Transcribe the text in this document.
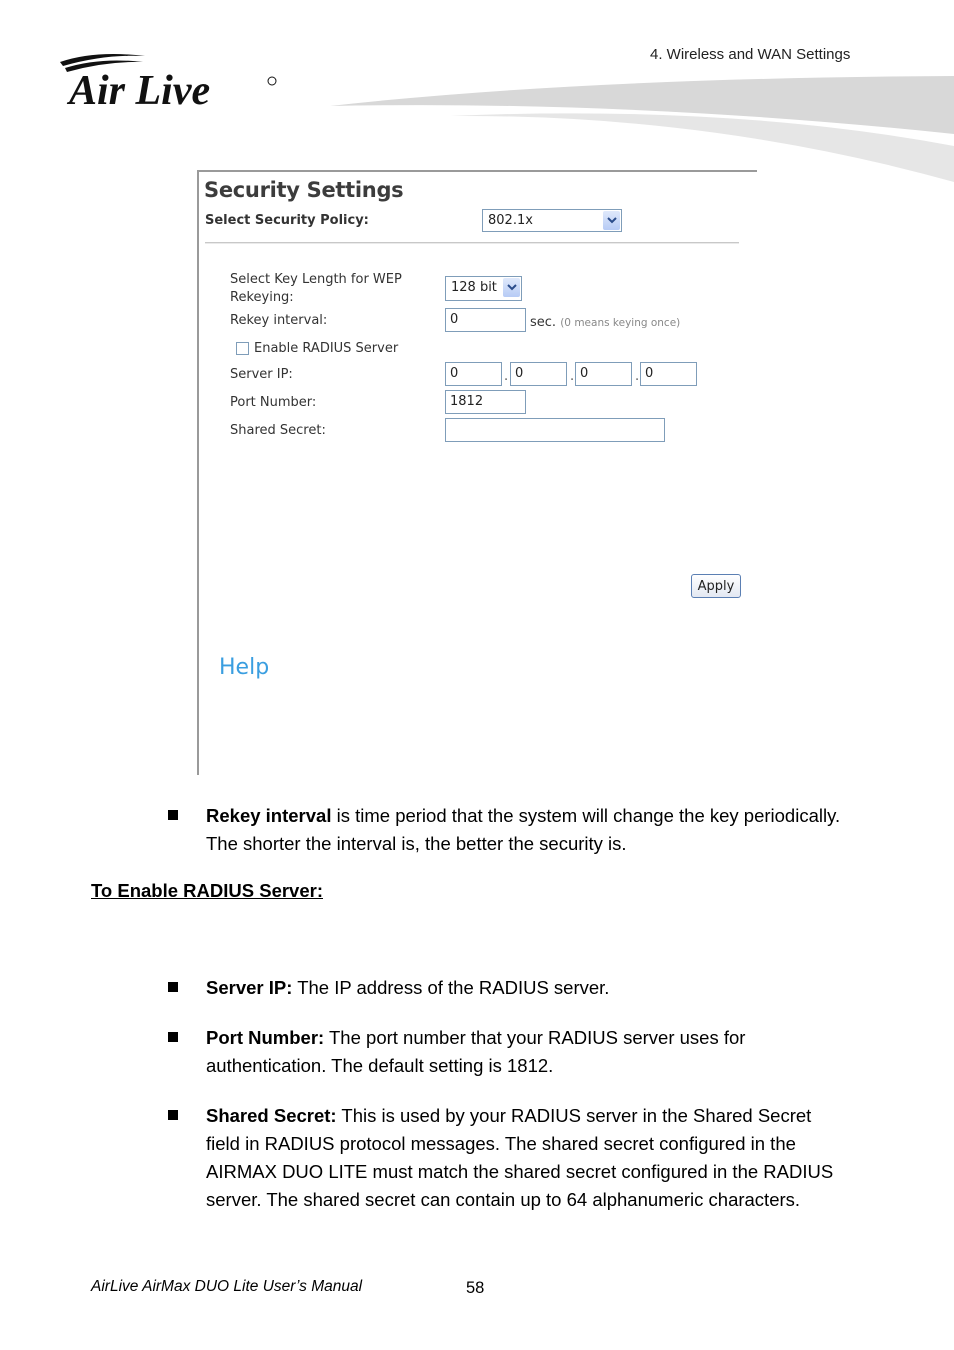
4. Wireless and WAN Settings
Air Live
Security Settings
Select Security Policy:	802.1x
Select Key Length for WEP
Rekeying:
128 bit
Rekey interval:	0	sec. (0 means keying once)
Enable RADIUS Server
Server IP:	0	. 0	. 0	. 0
Port Number:	1812
Shared Secret:
Apply
Help
Rekey interval is time period that the system will change the key periodically.
The shorter the interval is, the better the security is.
To Enable RADIUS Server:
Server IP: The IP address of the RADIUS server.
Port Number: The port number that your RADIUS server uses for
authentication. The default setting is 1812.
Shared Secret: This is used by your RADIUS server in the Shared Secret
field in RADIUS protocol messages. The shared secret configured in the
AIRMAX DUO LITE must match the shared secret configured in the RADIUS
server. The shared secret can contain up to 64 alphanumeric characters.
AirLive AirMax DUO Lite User’s Manual	58
